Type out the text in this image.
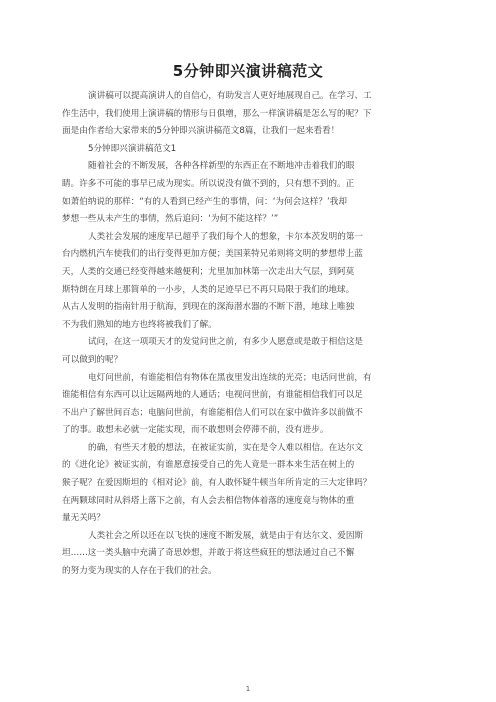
5分钟即兴演讲稿范文
演讲稿可以提高演讲人的自信心，有助发言人更好地展现自己。在学习、工
作生活中，我们使用上演讲稿的情形与日俱增，那么一样演讲稿是怎么写的呢？下
面是由作者给大家带来的5分钟即兴演讲稿范文8篇，让我们一起来看看！
5分钟即兴演讲稿范文1
随着社会的不断发展，各种各样新型的东西正在不断地冲击着我们的眼
睛。许多不可能的事早已成为现实。所以说没有做不到的，只有想不到的。正
如萧伯纳说的那样：“有的人看到已经产生的事情，问：‘为何会这样？’我却
梦想一些从未产生的事情，然后追问：‘为何不能这样？’”
人类社会发展的速度早已超乎了我们每个人的想象，卡尔本茨发明的第一
台内燃机汽车使我们的出行变得更加方便；美国莱特兄弟则将文明的梦想带上蓝
天，人类的交通已经变得越来越便利；尤里加加林第一次走出大气层，到阿莫
斯特朗在月球上那简单的一小步，人类的足迹早已不再只局限于我们的地球。
从古人发明的指南针用于航海，到现在的深海潜水器的不断下潜，地球上唯独
不为我们熟知的地方也终将被我们了解。
试问，在这一项项天才的发觉问世之前，有多少人愿意或是敢于相信这是
可以做到的呢？
电灯问世前，有谁能相信有物体在黑夜里发出连续的光亮；电话问世前，有
谁能相信有东西可以让远隔两地的人通话；电视问世前，有谁能相信我们可以足
不出户了解世间百态；电脑问世前，有谁能相信人们可以在家中做许多以前做不
了的事。敢想未必就一定能实现，而不敢想则会停滞不前，没有进步。
的确，有些天才般的想法，在被证实前，实在是令人难以相信。在达尔文
的《进化论》被证实前，有谁愿意接受自己的先人竟是一群本来生活在树上的
猴子呢？在爱因斯坦的《相对论》前，有人敢怀疑牛顿当年所肯定的三大定律吗？
在两颗球同时从斜塔上落下之前，有人会去相信物体着落的速度竟与物体的重
量无关吗？
人类社会之所以还在以飞快的速度不断发展，就是由于有达尔文、爱因斯
坦……这一类头脑中充满了奇思妙想，并敢于将这些疯狂的想法通过自己不懈
的努力变为现实的人存在于我们的社会。
1
